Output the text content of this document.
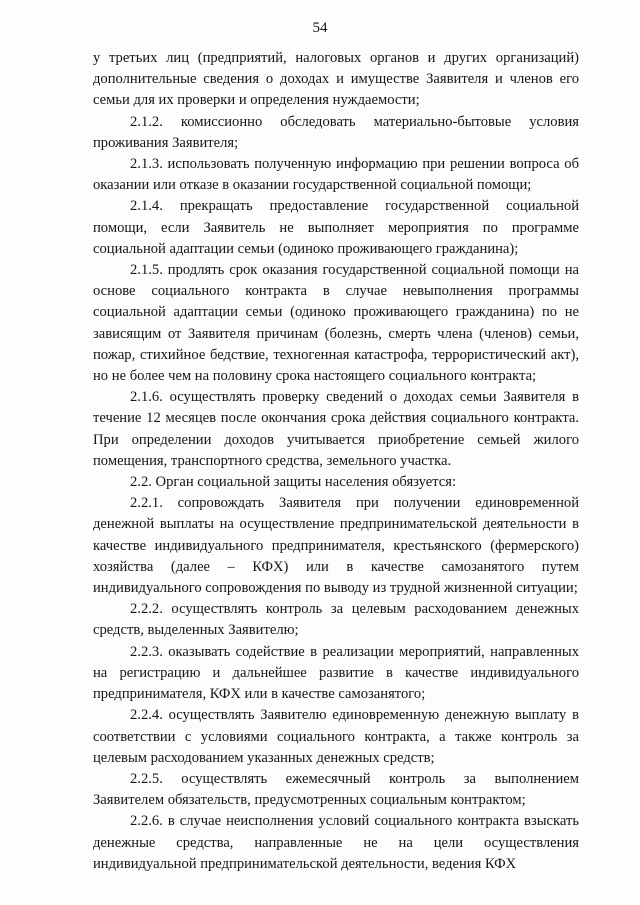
54

у третьих лиц (предприятий, налоговых органов и других организаций) дополнительные сведения о доходах и имуществе Заявителя и членов его семьи для их проверки и определения нуждаемости;

2.1.2. комиссионно обследовать материально-бытовые условия проживания Заявителя;

2.1.3. использовать полученную информацию при решении вопроса об оказании или отказе в оказании государственной социальной помощи;

2.1.4. прекращать предоставление государственной социальной помощи, если Заявитель не выполняет мероприятия по программе социальной адаптации семьи (одиноко проживающего гражданина);

2.1.5. продлять срок оказания государственной социальной помощи на основе социального контракта в случае невыполнения программы социальной адаптации семьи (одиноко проживающего гражданина) по не зависящим от Заявителя причинам (болезнь, смерть члена (членов) семьи, пожар, стихийное бедствие, техногенная катастрофа, террористический акт), но не более чем на половину срока настоящего социального контракта;

2.1.6. осуществлять проверку сведений о доходах семьи Заявителя в течение 12 месяцев после окончания срока действия социального контракта. При определении доходов учитывается приобретение семьей жилого помещения, транспортного средства, земельного участка.

2.2. Орган социальной защиты населения обязуется:

2.2.1. сопровождать Заявителя при получении единовременной денежной выплаты на осуществление предпринимательской деятельности в качестве индивидуального предпринимателя, крестьянского (фермерского) хозяйства (далее – КФХ) или в качестве самозанятого путем индивидуального сопровождения по выводу из трудной жизненной ситуации;

2.2.2. осуществлять контроль за целевым расходованием денежных средств, выделенных Заявителю;

2.2.3. оказывать содействие в реализации мероприятий, направленных на регистрацию и дальнейшее развитие в качестве индивидуального предпринимателя, КФХ или в качестве самозанятого;

2.2.4. осуществлять Заявителю единовременную денежную выплату в соответствии с условиями социального контракта, а также контроль за целевым расходованием указанных денежных средств;

2.2.5. осуществлять ежемесячный контроль за выполнением Заявителем обязательств, предусмотренных социальным контрактом;

2.2.6. в случае неисполнения условий социального контракта взыскать денежные средства, направленные не на цели осуществления индивидуальной предпринимательской деятельности, ведения КФХ
